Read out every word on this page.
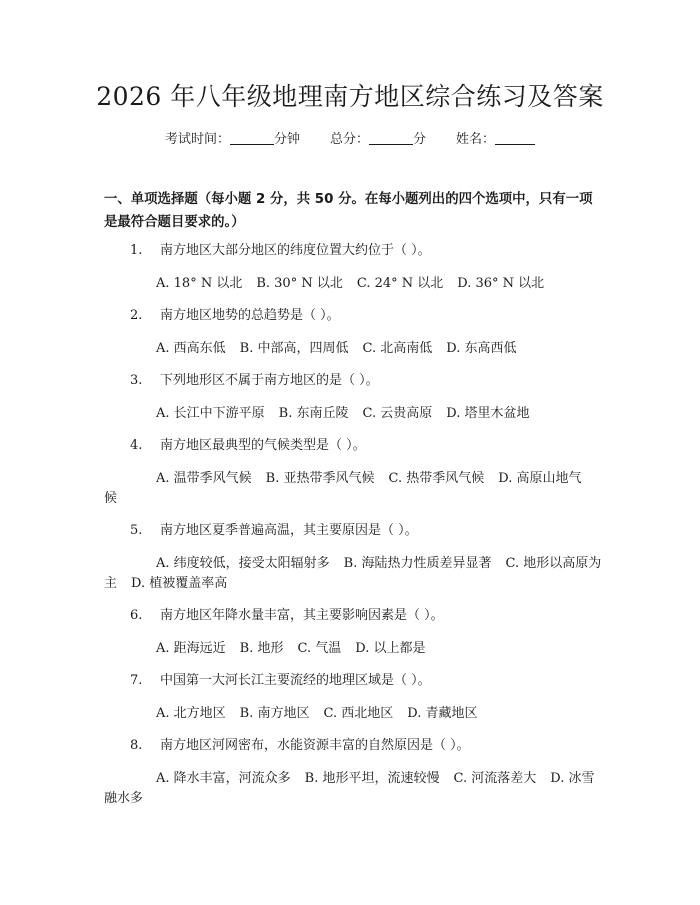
2026 年八年级地理南方地区综合练习及答案
考试时间：	分钟 总分：	分 姓名：
一、单项选择题（每小题 2 分，共 50 分。在每小题列出的四个选项中，只有一项是最符合题目要求的。）
1. 南方地区大部分地区的纬度位置大约位于（ ）。
A. 18° N 以北 B. 30° N 以北 C. 24° N 以北 D. 36° N 以北
2. 南方地区地势的总趋势是（ ）。
A. 西高东低 B. 中部高，四周低 C. 北高南低 D. 东高西低
3. 下列地形区不属于南方地区的是（ ）。
A. 长江中下游平原 B. 东南丘陵 C. 云贵高原 D. 塔里木盆地
4. 南方地区最典型的气候类型是（ ）。
A. 温带季风气候 B. 亚热带季风气候 C. 热带季风气候 D. 高原山地气候
5. 南方地区夏季普遍高温，其主要原因是（ ）。
A. 纬度较低，接受太阳辐射多 B. 海陆热力性质差异显著 C. 地形以高原为主 D. 植被覆盖率高
6. 南方地区年降水量丰富，其主要影响因素是（ ）。
A. 距海远近 B. 地形 C. 气温 D. 以上都是
7. 中国第一大河长江主要流经的地理区域是（ ）。
A. 北方地区 B. 南方地区 C. 西北地区 D. 青藏地区
8. 南方地区河网密布，水能资源丰富的自然原因是（ ）。
A. 降水丰富，河流众多 B. 地形平坦，流速较慢 C. 河流落差大 D. 冰雪融水多
